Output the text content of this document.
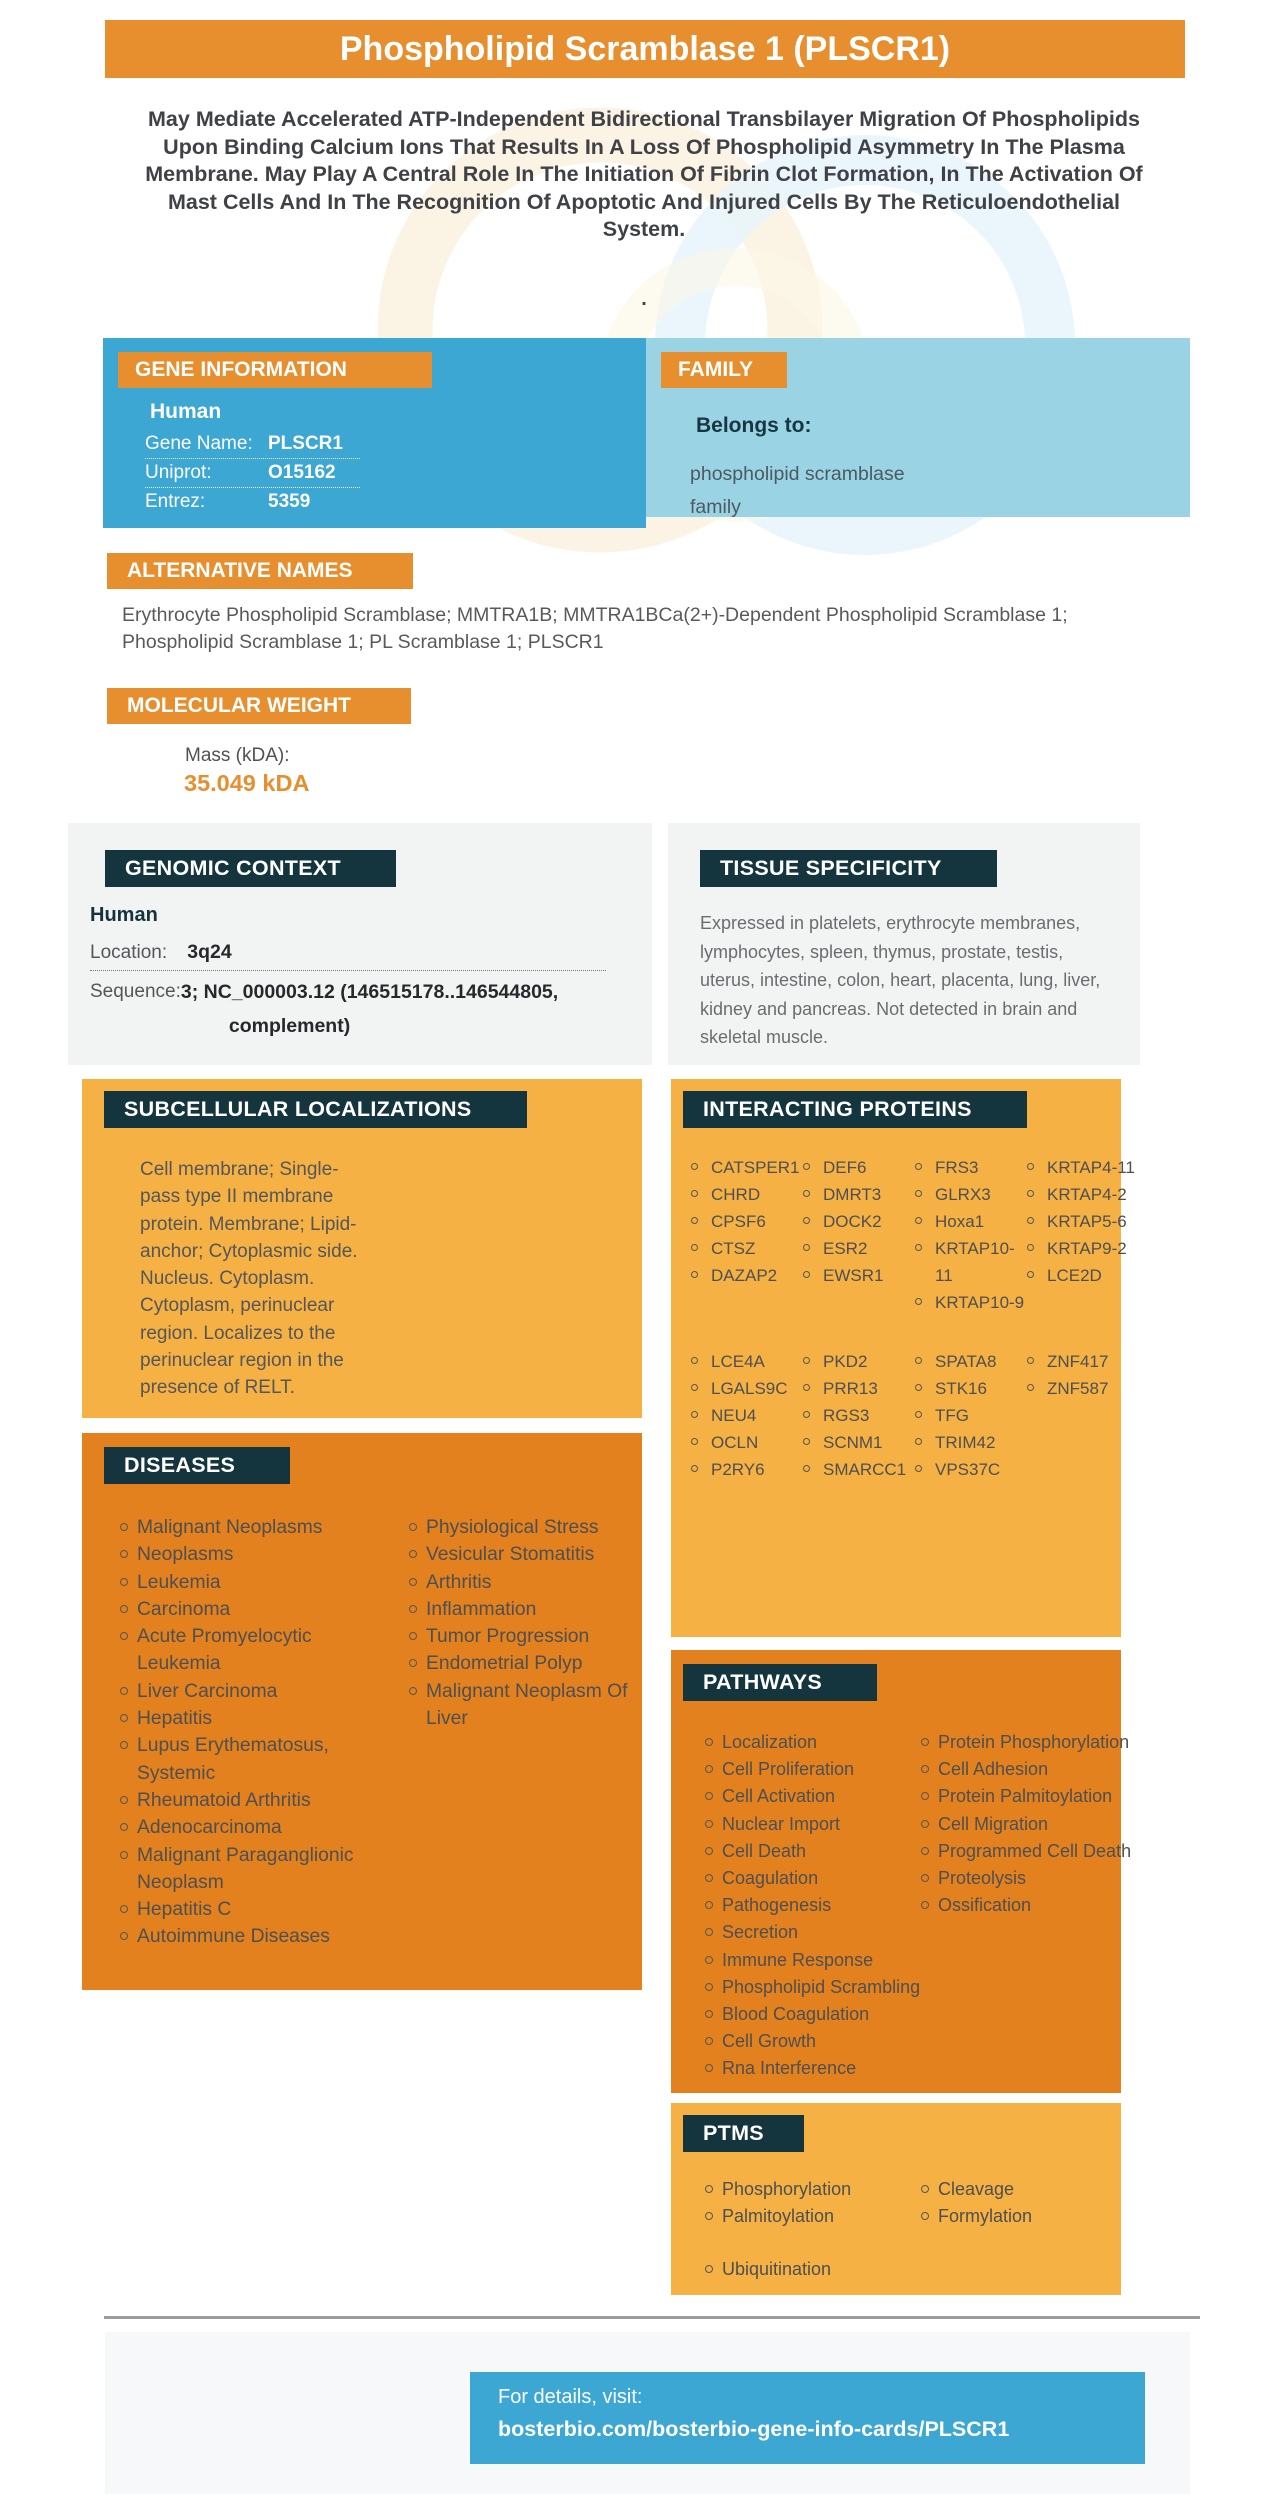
Phospholipid Scramblase 1 (PLSCR1)
May Mediate Accelerated ATP-Independent Bidirectional Transbilayer Migration Of Phospholipids Upon Binding Calcium Ions That Results In A Loss Of Phospholipid Asymmetry In The Plasma Membrane. May Play A Central Role In The Initiation Of Fibrin Clot Formation, In The Activation Of Mast Cells And In The Recognition Of Apoptotic And Injured Cells By The Reticuloendothelial System.
.
GENE INFORMATION
Human
Gene Name: PLSCR1
Uniprot:	O15162
Entrez:	5359
FAMILY
Belongs to:
phospholipid scramblase family
ALTERNATIVE NAMES
Erythrocyte Phospholipid Scramblase; MMTRA1B; MMTRA1BCa(2+)-Dependent Phospholipid Scramblase 1; Phospholipid Scramblase 1; PL Scramblase 1; PLSCR1
MOLECULAR WEIGHT
Mass (kDA):
35.049 kDA
GENOMIC CONTEXT
Human
Location: 3q24
Sequence: 3; NC_000003.12 (146515178..146544805,
complement)
TISSUE SPECIFICITY
Expressed in platelets, erythrocyte membranes, lymphocytes, spleen, thymus, prostate, testis, uterus, intestine, colon, heart, placenta, lung, liver, kidney and pancreas. Not detected in brain and skeletal muscle.
SUBCELLULAR LOCALIZATIONS
Cell membrane; Single-pass type II membrane protein. Membrane; Lipid-anchor; Cytoplasmic side. Nucleus. Cytoplasm. Cytoplasm, perinuclear region. Localizes to the perinuclear region in the presence of RELT.
INTERACTING PROTEINS
CATSPER1
CHRD
CPSF6
CTSZ
DAZAP2
DEF6
DMRT3
DOCK2
ESR2
EWSR1
FRS3
GLRX3
Hoxa1
KRTAP10-11
KRTAP10-9
KRTAP4-11
KRTAP4-2
KRTAP5-6
KRTAP9-2
LCE2D
LCE4A
LGALS9C
NEU4
OCLN
P2RY6
PKD2
PRR13
RGS3
SCNM1
SMARCC1
SPATA8
STK16
TFG
TRIM42
VPS37C
ZNF417
ZNF587
DISEASES
Malignant Neoplasms
Neoplasms
Leukemia
Carcinoma
Acute Promyelocytic Leukemia
Liver Carcinoma
Hepatitis
Lupus Erythematosus, Systemic
Rheumatoid Arthritis
Adenocarcinoma
Malignant Paraganglionic Neoplasm
Hepatitis C
Autoimmune Diseases
Physiological Stress
Vesicular Stomatitis
Arthritis
Inflammation
Tumor Progression
Endometrial Polyp
Malignant Neoplasm Of Liver
PATHWAYS
Localization
Cell Proliferation
Cell Activation
Nuclear Import
Cell Death
Coagulation
Pathogenesis
Secretion
Immune Response
Phospholipid Scrambling
Blood Coagulation
Cell Growth
Rna Interference
Protein Phosphorylation
Cell Adhesion
Protein Palmitoylation
Cell Migration
Programmed Cell Death
Proteolysis
Ossification
PTMS
Phosphorylation
Palmitoylation
Ubiquitination
Cleavage
Formylation
For details, visit:
bosterbio.com/bosterbio-gene-info-cards/PLSCR1
